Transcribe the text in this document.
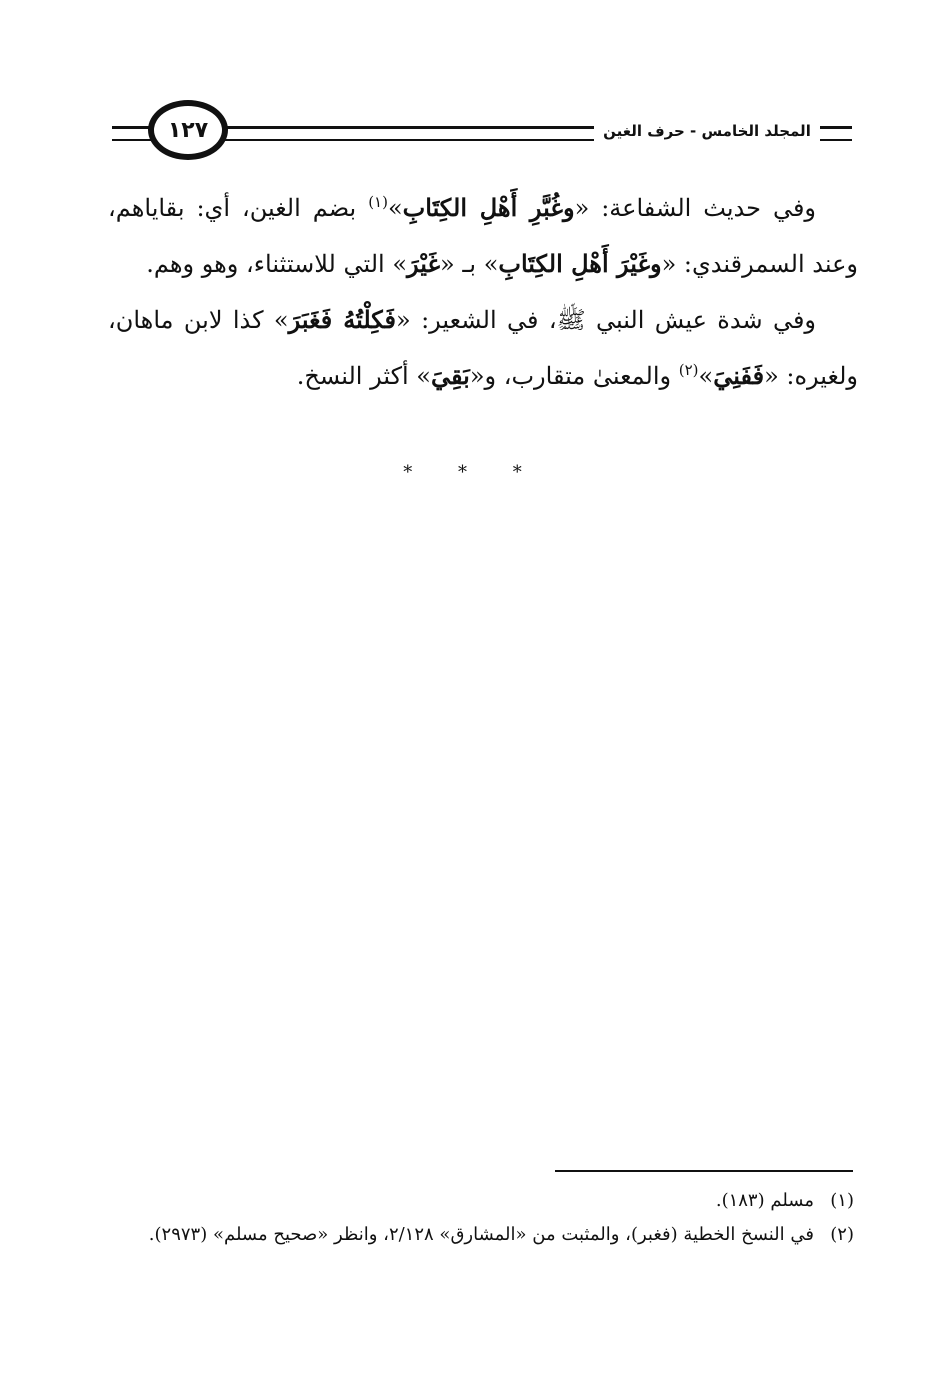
١٢٧	المجلد الخامس - حرف الغين

وفي حديث الشفاعة: «وغُبَّرِ أَهْلِ الكِتَابِ»$^{(١)}$ بضم الغين، أي: بقاياهم، وعند السمرقندي: «وغَيْرَ أَهْلِ الكِتَابِ» بـ «غَيْرَ» التي للاستثناء، وهو وهم.

وفي شدة عيش النبي ﷺ، في الشعير: «فَكِلْتُهُ فَغَبَرَ» كذا لابن ماهان، ولغيره: «فَفَنِيَ»$^{(٢)}$ والمعنىٰ متقارب، و«بَقِيَ» أكثر النسخ.

* * *
(١)
مسلم (١٨٣).
(٢)
في النسخ الخطية (فغبر)، والمثبت من «المشارق» ٢/١٢٨، وانظر «صحيح مسلم» (٢٩٧٣).
